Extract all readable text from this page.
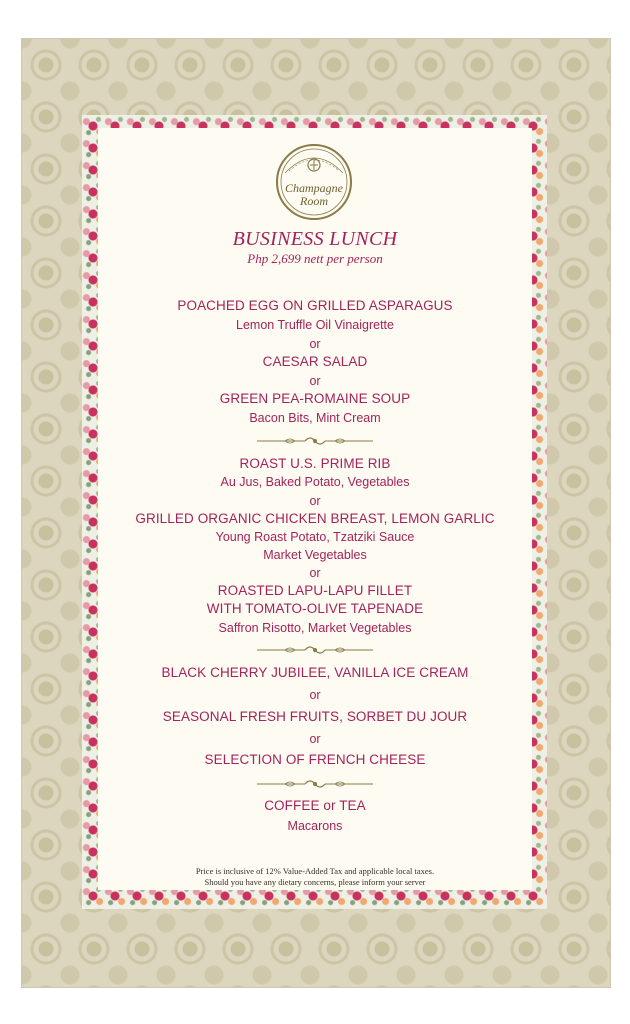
Champagne
Room
BUSINESS LUNCH
Php 2,699 nett per person
POACHED EGG ON GRILLED ASPARAGUS
Lemon Truffle Oil Vinaigrette
or
CAESAR SALAD
or
GREEN PEA-ROMAINE SOUP
Bacon Bits, Mint Cream
ROAST U.S. PRIME RIB
Au Jus, Baked Potato, Vegetables
or
GRILLED ORGANIC CHICKEN BREAST, LEMON GARLIC
Young Roast Potato, Tzatziki Sauce
Market Vegetables
or
ROASTED LAPU-LAPU FILLET
WITH TOMATO-OLIVE TAPENADE
Saffron Risotto, Market Vegetables
BLACK CHERRY JUBILEE, VANILLA ICE CREAM
or
SEASONAL FRESH FRUITS, SORBET DU JOUR
or
SELECTION OF FRENCH CHEESE
COFFEE or TEA
Macarons
Price is inclusive of 12% Value-Added Tax and applicable local taxes.
Should you have any dietary concerns, please inform your server
